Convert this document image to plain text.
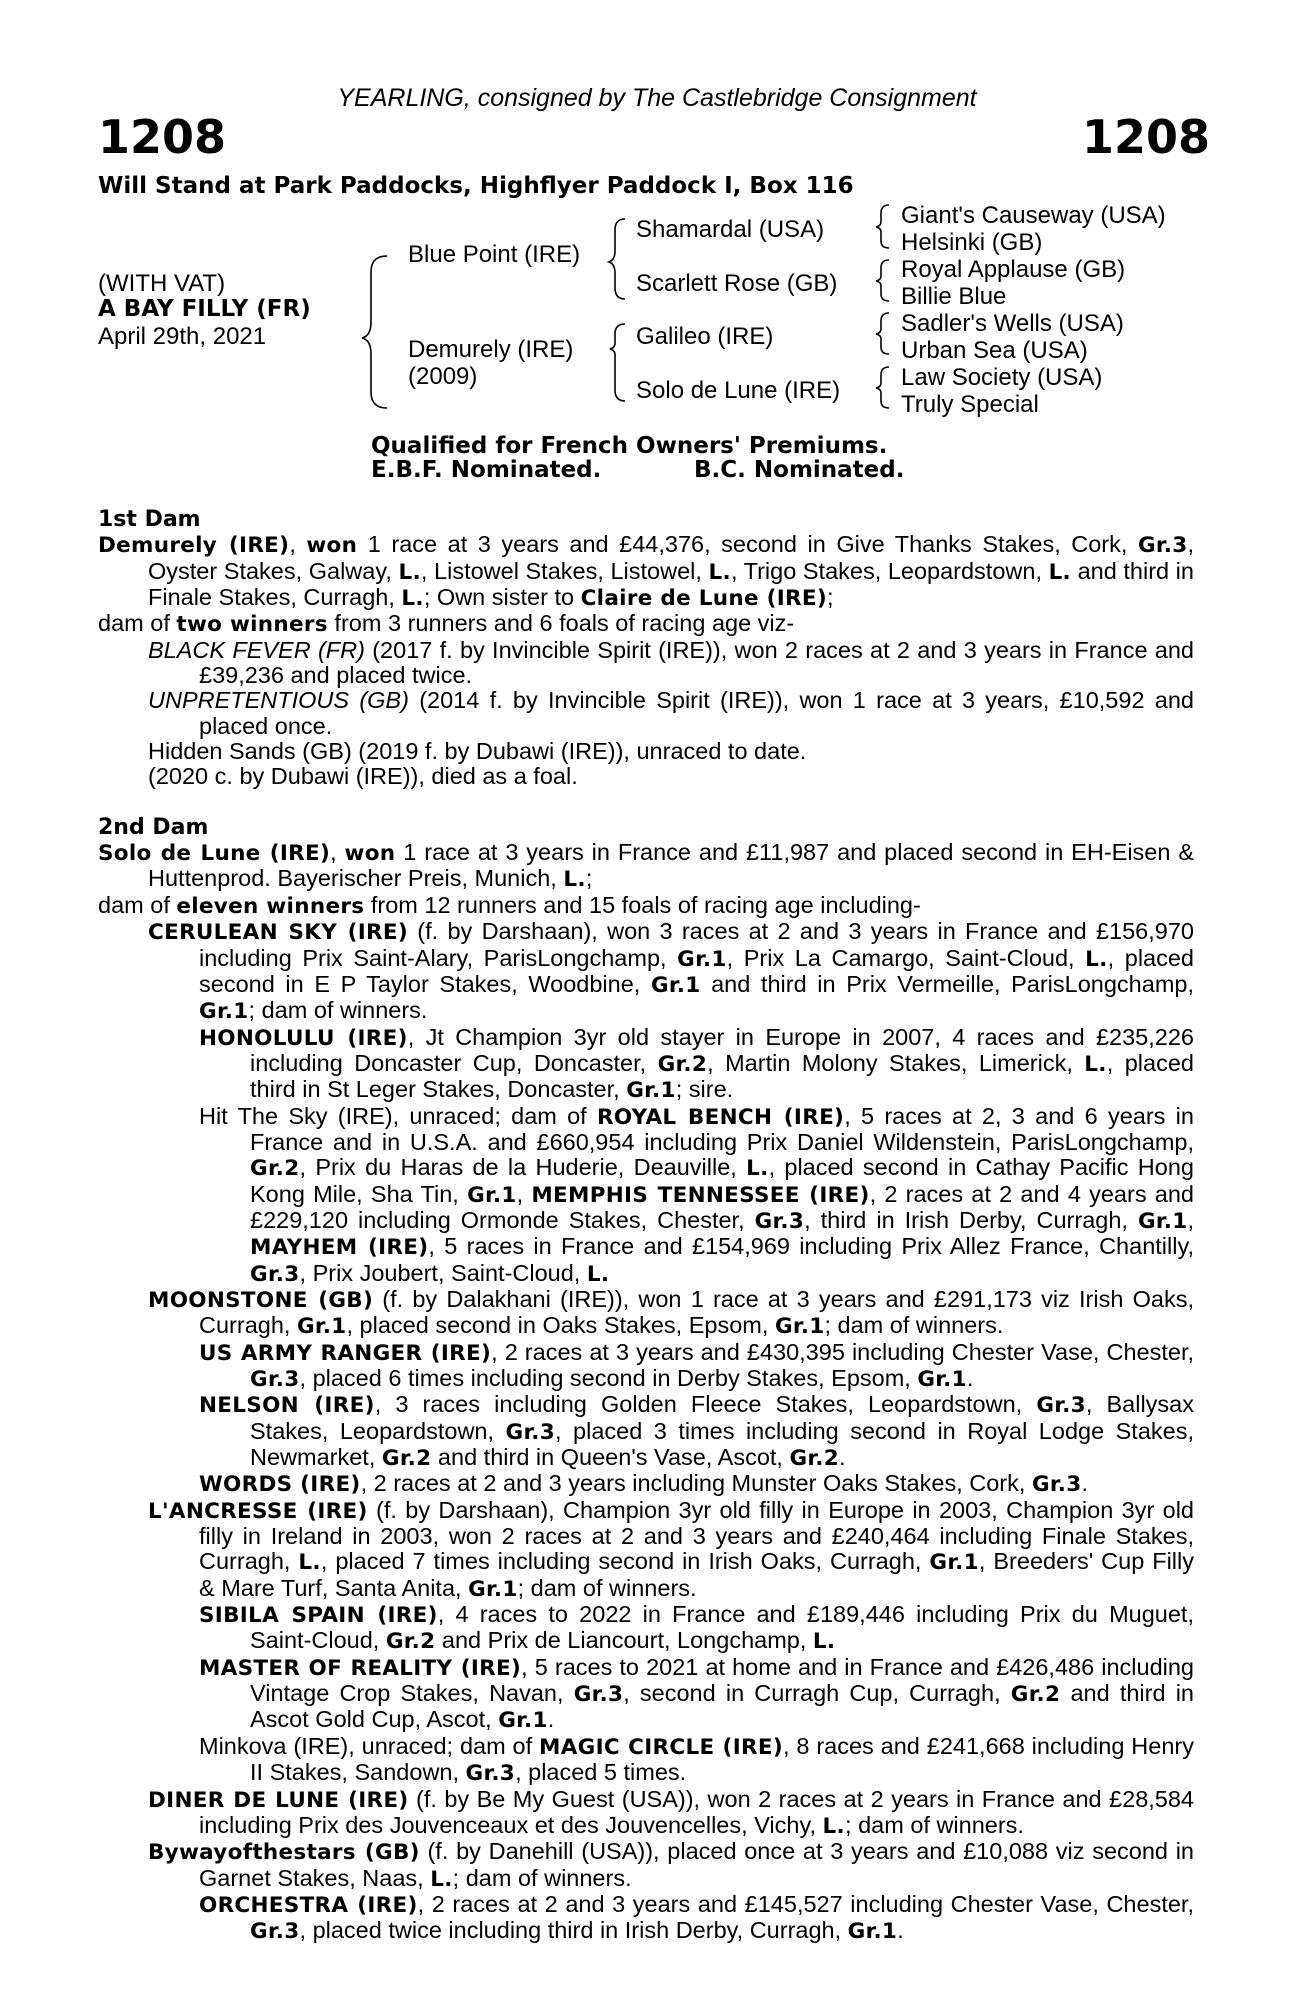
YEARLING, consigned by The Castlebridge Consignment
1208	1208
Will Stand at Park Paddocks, Highflyer Paddock I, Box 116
(WITH VAT)
A BAY FILLY (FR)
April 29th, 2021
Blue Point (IRE)
Demurely (IRE)
(2009)
Shamardal (USA)
Scarlett Rose (GB)
Galileo (IRE)
Solo de Lune (IRE)
Giant's Causeway (USA)
Helsinki (GB)
Royal Applause (GB)
Billie Blue
Sadler's Wells (USA)
Urban Sea (USA)
Law Society (USA)
Truly Special
Qualified for French Owners' Premiums.
E.B.F. Nominated.	B.C. Nominated.

1st Dam

Demurely (IRE), won 1 race at 3 years and £44,376, second in Give Thanks Stakes, Cork, Gr.3, Oyster Stakes, Galway, L., Listowel Stakes, Listowel, L., Trigo Stakes, Leopardstown, L. and third in Finale Stakes, Curragh, L.; Own sister to Claire de Lune (IRE);

dam of two winners from 3 runners and 6 foals of racing age viz-

BLACK FEVER (FR) (2017 f. by Invincible Spirit (IRE)), won 2 races at 2 and 3 years in France and £39,236 and placed twice.

UNPRETENTIOUS (GB) (2014 f. by Invincible Spirit (IRE)), won 1 race at 3 years, £10,592 and placed once.

Hidden Sands (GB) (2019 f. by Dubawi (IRE)), unraced to date.

(2020 c. by Dubawi (IRE)), died as a foal.

2nd Dam

Solo de Lune (IRE), won 1 race at 3 years in France and £11,987 and placed second in EH-Eisen & Huttenprod. Bayerischer Preis, Munich, L.;

dam of eleven winners from 12 runners and 15 foals of racing age including-

CERULEAN SKY (IRE) (f. by Darshaan), won 3 races at 2 and 3 years in France and £156,970 including Prix Saint-Alary, ParisLongchamp, Gr.1, Prix La Camargo, Saint-Cloud, L., placed second in E P Taylor Stakes, Woodbine, Gr.1 and third in Prix Vermeille, ParisLongchamp, Gr.1; dam of winners.

HONOLULU (IRE), Jt Champion 3yr old stayer in Europe in 2007, 4 races and £235,226 including Doncaster Cup, Doncaster, Gr.2, Martin Molony Stakes, Limerick, L., placed third in St Leger Stakes, Doncaster, Gr.1; sire.

Hit The Sky (IRE), unraced; dam of ROYAL BENCH (IRE), 5 races at 2, 3 and 6 years in France and in U.S.A. and £660,954 including Prix Daniel Wildenstein, ParisLongchamp, Gr.2, Prix du Haras de la Huderie, Deauville, L., placed second in Cathay Pacific Hong Kong Mile, Sha Tin, Gr.1, MEMPHIS TENNESSEE (IRE), 2 races at 2 and 4 years and £229,120 including Ormonde Stakes, Chester, Gr.3, third in Irish Derby, Curragh, Gr.1, MAYHEM (IRE), 5 races in France and £154,969 including Prix Allez France, Chantilly, Gr.3, Prix Joubert, Saint-Cloud, L.

MOONSTONE (GB) (f. by Dalakhani (IRE)), won 1 race at 3 years and £291,173 viz Irish Oaks, Curragh, Gr.1, placed second in Oaks Stakes, Epsom, Gr.1; dam of winners.

US ARMY RANGER (IRE), 2 races at 3 years and £430,395 including Chester Vase, Chester, Gr.3, placed 6 times including second in Derby Stakes, Epsom, Gr.1.

NELSON (IRE), 3 races including Golden Fleece Stakes, Leopardstown, Gr.3, Ballysax Stakes, Leopardstown, Gr.3, placed 3 times including second in Royal Lodge Stakes, Newmarket, Gr.2 and third in Queen's Vase, Ascot, Gr.2.

WORDS (IRE), 2 races at 2 and 3 years including Munster Oaks Stakes, Cork, Gr.3.

L'ANCRESSE (IRE) (f. by Darshaan), Champion 3yr old filly in Europe in 2003, Champion 3yr old filly in Ireland in 2003, won 2 races at 2 and 3 years and £240,464 including Finale Stakes, Curragh, L., placed 7 times including second in Irish Oaks, Curragh, Gr.1, Breeders' Cup Filly & Mare Turf, Santa Anita, Gr.1; dam of winners.

SIBILA SPAIN (IRE), 4 races to 2022 in France and £189,446 including Prix du Muguet, Saint-Cloud, Gr.2 and Prix de Liancourt, Longchamp, L.

MASTER OF REALITY (IRE), 5 races to 2021 at home and in France and £426,486 including Vintage Crop Stakes, Navan, Gr.3, second in Curragh Cup, Curragh, Gr.2 and third in Ascot Gold Cup, Ascot, Gr.1.

Minkova (IRE), unraced; dam of MAGIC CIRCLE (IRE), 8 races and £241,668 including Henry II Stakes, Sandown, Gr.3, placed 5 times.

DINER DE LUNE (IRE) (f. by Be My Guest (USA)), won 2 races at 2 years in France and £28,584 including Prix des Jouvenceaux et des Jouvencelles, Vichy, L.; dam of winners.

Bywayofthestars (GB) (f. by Danehill (USA)), placed once at 3 years and £10,088 viz second in Garnet Stakes, Naas, L.; dam of winners.

ORCHESTRA (IRE), 2 races at 2 and 3 years and £145,527 including Chester Vase, Chester, Gr.3, placed twice including third in Irish Derby, Curragh, Gr.1.
